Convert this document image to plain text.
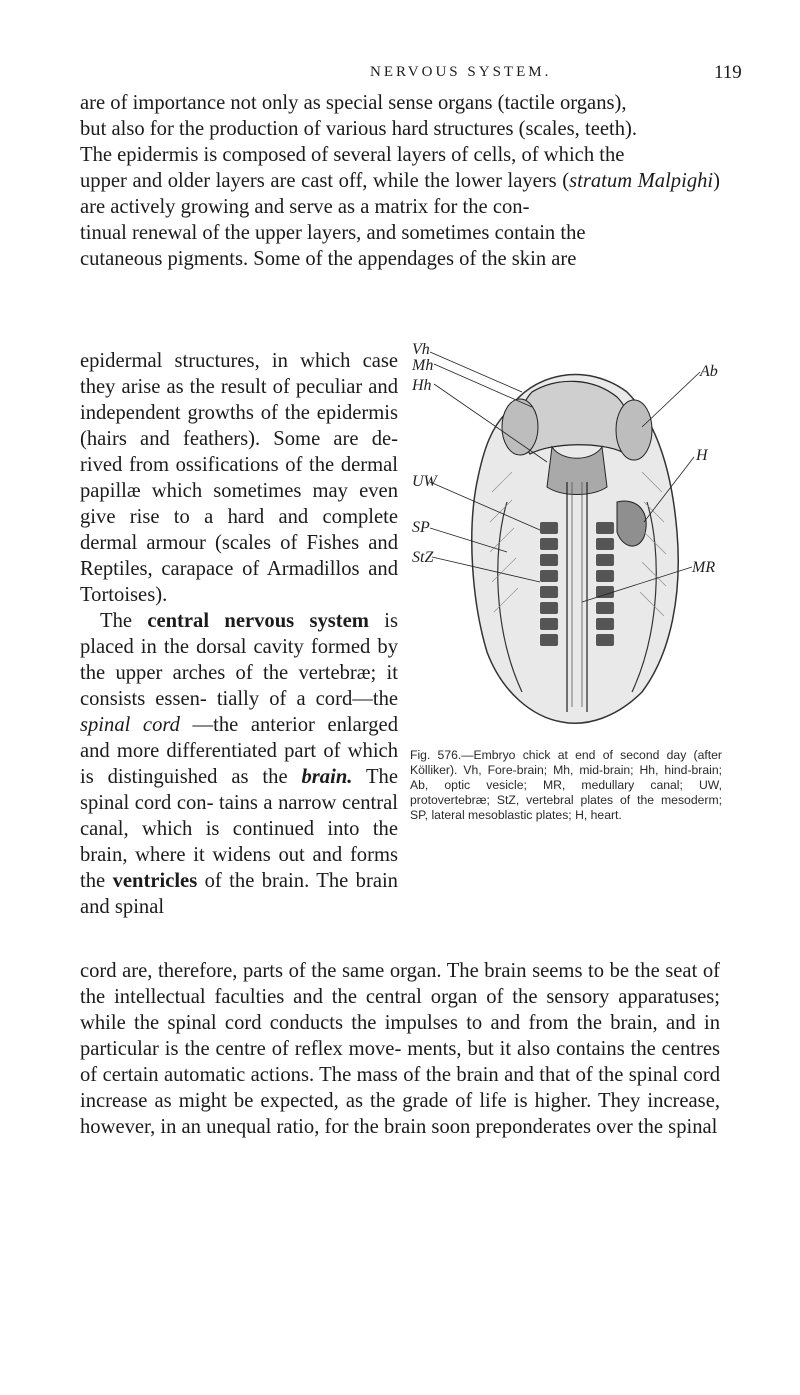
NERVOUS SYSTEM.	119

are of importance not only as special sense organs (tactile organs),

but also for the production of various hard structures (scales, teeth).

The epidermis is composed of several layers of cells, of which the

upper and older layers are cast off, while the lower layers (stratum Malpighi) are actively growing and serve as a matrix for the con-

tinual renewal of the upper layers, and sometimes contain the

cutaneous pigments. Some of the appendages of the skin are

epidermal structures, in which case they arise as the result of peculiar and independent growths of the epidermis (hairs and feathers). Some are de- rived from ossifications of the dermal papillæ which sometimes may even give rise to a hard and complete dermal armour (scales of Fishes and Reptiles, carapace of Armadillos and Tortoises).

The central nervous system is placed in the dorsal cavity formed by the upper arches of the vertebræ; it consists essen- tially of a cord—the spinal cord —the anterior enlarged and more differentiated part of which is distinguished as the brain. The spinal cord con- tains a narrow central canal, which is continued into the brain, where it widens out and forms the ventricles of the brain. The brain and spinal

Vh
Mh
Hh
Ab
UW
H
SP
StZ
MR
Fig. 576.—Embryo chick at end of second day (after Kölliker). Vh, Fore-brain; Mh, mid-brain; Hh, hind-brain; Ab, optic vesicle; MR, medullary canal; UW, protovertebræ; StZ, vertebral plates of the mesoderm; SP, lateral mesoblastic plates; H, heart.

cord are, therefore, parts of the same organ. The brain seems to be the seat of the intellectual faculties and the central organ of the sensory apparatuses; while the spinal cord conducts the impulses to and from the brain, and in particular is the centre of reflex move- ments, but it also contains the centres of certain automatic actions. The mass of the brain and that of the spinal cord increase as might be expected, as the grade of life is higher. They increase, however, in an unequal ratio, for the brain soon preponderates over the spinal
